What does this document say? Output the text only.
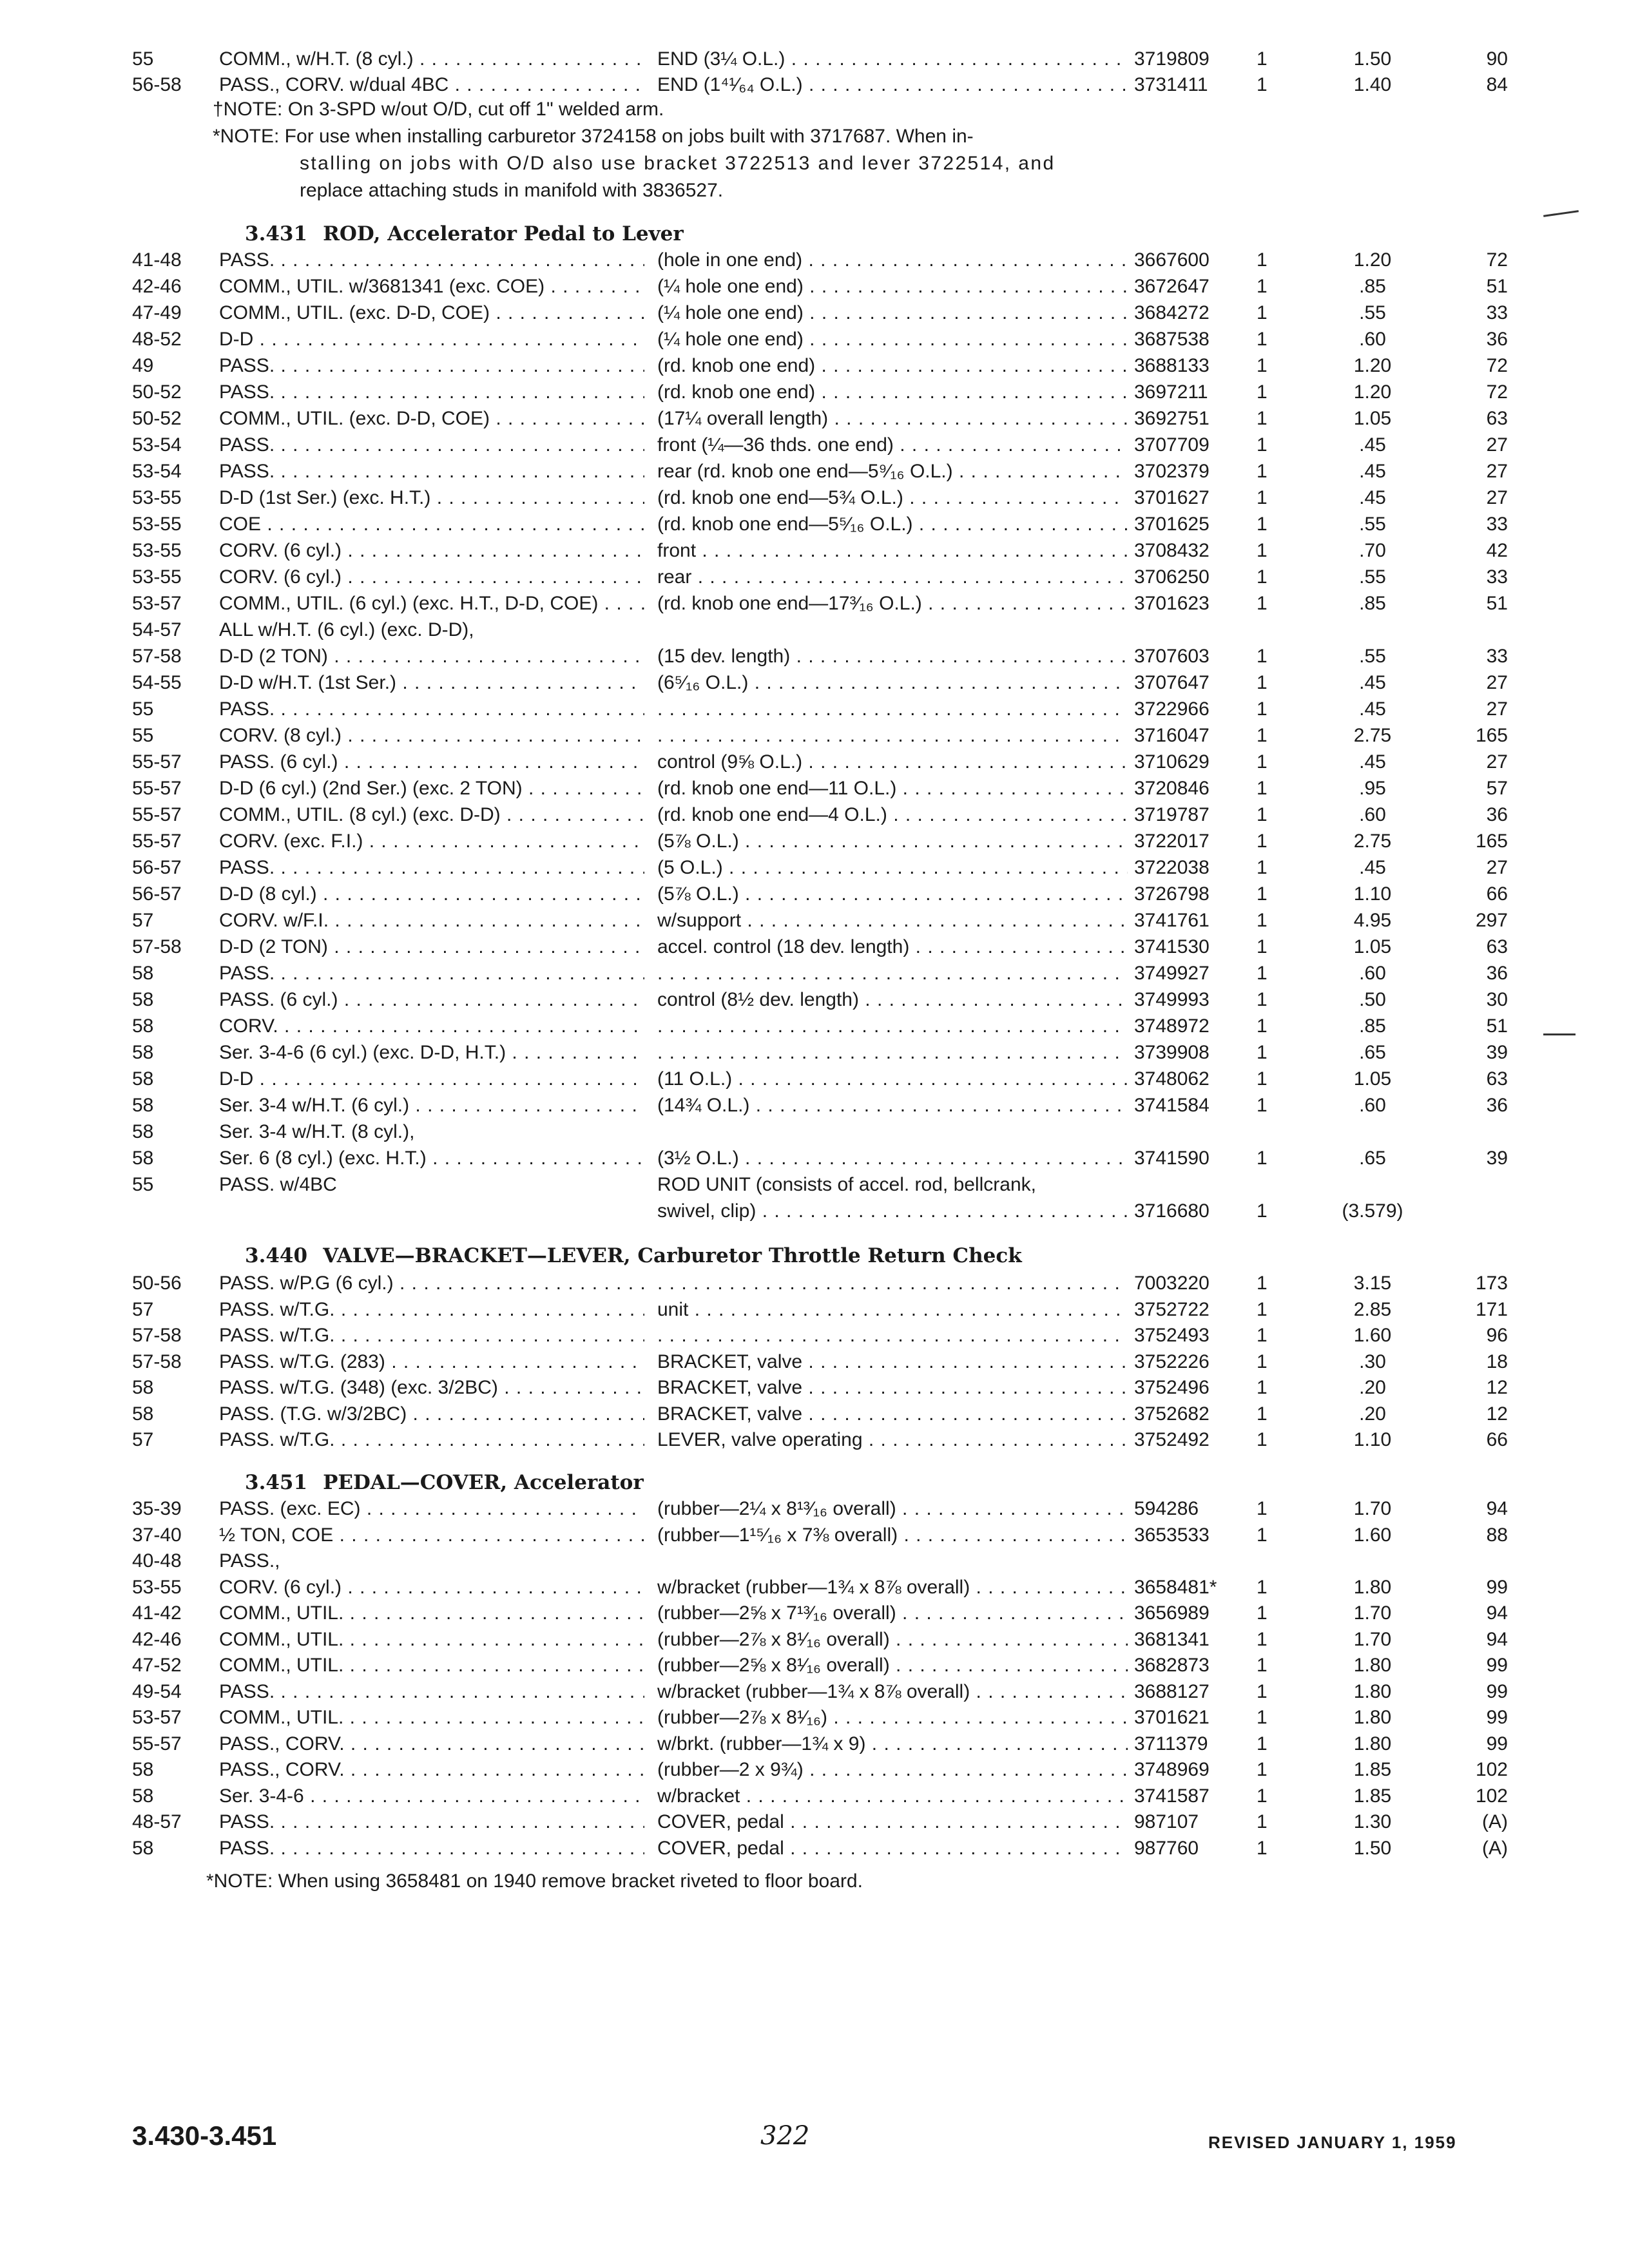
55	COMM., w/H.T. (8 cyl.) . . .	END (3¼ O.L.) . . .	3719809	1	1.50	90
56-58	PASS., CORV. w/dual 4BC . . .	END (1⁴¹⁄₆₄ O.L.) . . .	3731411	1	1.40	84
†NOTE: On 3-SPD w/out O/D, cut off 1" welded arm.
*NOTE: For use when installing carburetor 3724158 on jobs built with 3717687. When in-
stalling on jobs with O/D also use bracket 3722513 and lever 3722514, and
replace attaching studs in manifold with 3836527.
3.431 ROD, Accelerator Pedal to Lever
41-48	PASS. . . .	(hole in one end) . . .	3667600	1	1.20	72
42-46	COMM., UTIL. w/3681341 (exc. COE) . . .	(¼ hole one end) . . .	3672647	1	.85	51
47-49	COMM., UTIL. (exc. D-D, COE) . . .	(¼ hole one end) . . .	3684272	1	.55	33
48-52	D-D . . .	(¼ hole one end) . . .	3687538	1	.60	36
49	PASS. . . .	(rd. knob one end) . . .	3688133	1	1.20	72
50-52	PASS. . . .	(rd. knob one end) . . .	3697211	1	1.20	72
50-52	COMM., UTIL. (exc. D-D, COE) . . .	(17¼ overall length) . . .	3692751	1	1.05	63
53-54	PASS. . . .	front (¼—36 thds. one end) . . .	3707709	1	.45	27
53-54	PASS. . . .	rear (rd. knob one end—5⁹⁄₁₆ O.L.) . . .	3702379	1	.45	27
53-55	D-D (1st Ser.) (exc. H.T.) . . .	(rd. knob one end—5¾ O.L.) . . .	3701627	1	.45	27
53-55	COE . . .	(rd. knob one end—5⁵⁄₁₆ O.L.) . . .	3701625	1	.55	33
53-55	CORV. (6 cyl.) . . .	front . . .	3708432	1	.70	42
53-55	CORV. (6 cyl.) . . .	rear . . .	3706250	1	.55	33
53-57	COMM., UTIL. (6 cyl.) (exc. H.T., D-D, COE) . . .	(rd. knob one end—17³⁄₁₆ O.L.) . . .	3701623	1	.85	51
54-57	ALL w/H.T. (6 cyl.) (exc. D-D),
57-58	D-D (2 TON) . . .	(15 dev. length) . . .	3707603	1	.55	33
54-55	D-D w/H.T. (1st Ser.) . . .	(6⁵⁄₁₆ O.L.) . . .	3707647	1	.45	27
55	PASS. . . . . . .	3722966	1	.45	27
55	CORV. (8 cyl.) . . . . . .	3716047	1	2.75	165
55-57	PASS. (6 cyl.) . . .	control (9⅝ O.L.) . . .	3710629	1	.45	27
55-57	D-D (6 cyl.) (2nd Ser.) (exc. 2 TON) . . .	(rd. knob one end—11 O.L.) . . .	3720846	1	.95	57
55-57	COMM., UTIL. (8 cyl.) (exc. D-D) . . .	(rd. knob one end—4 O.L.) . . .	3719787	1	.60	36
55-57	CORV. (exc. F.I.) . . .	(5⅞ O.L.) . . .	3722017	1	2.75	165
56-57	PASS. . . .	(5 O.L.) . . .	3722038	1	.45	27
56-57	D-D (8 cyl.) . . .	(5⅞ O.L.) . . .	3726798	1	1.10	66
57	CORV. w/F.I. . . .	w/support . . .	3741761	1	4.95	297
57-58	D-D (2 TON) . . .	accel. control (18 dev. length) . . .	3741530	1	1.05	63
58	PASS. . . . . . .	3749927	1	.60	36
58	PASS. (6 cyl.) . . .	control (8½ dev. length) . . .	3749993	1	.50	30
58	CORV. . . . . . .	3748972	1	.85	51
58	Ser. 3-4-6 (6 cyl.) (exc. D-D, H.T.) . . . . . .	3739908	1	.65	39
58	D-D . . .	(11 O.L.) . . .	3748062	1	1.05	63
58	Ser. 3-4 w/H.T. (6 cyl.) . . .	(14¾ O.L.) . . .	3741584	1	.60	36
58	Ser. 3-4 w/H.T. (8 cyl.),
58	Ser. 6 (8 cyl.) (exc. H.T.) . . .	(3½ O.L.) . . .	3741590	1	.65	39
55	PASS. w/4BC	ROD UNIT (consists of accel. rod, bellcrank,
swivel, clip) . . .	3716680	1	(3.579)
3.440 VALVE—BRACKET—LEVER, Carburetor Throttle Return Check
50-56	PASS. w/P.G (6 cyl.) . . . . . .	7003220	1	3.15	173
57	PASS. w/T.G. . . .	unit . . .	3752722	1	2.85	171
57-58	PASS. w/T.G. . . . . . .	3752493	1	1.60	96
57-58	PASS. w/T.G. (283) . . .	BRACKET, valve . . .	3752226	1	.30	18
58	PASS. w/T.G. (348) (exc. 3/2BC) . . .	BRACKET, valve . . .	3752496	1	.20	12
58	PASS. (T.G. w/3/2BC) . . .	BRACKET, valve . . .	3752682	1	.20	12
57	PASS. w/T.G. . . .	LEVER, valve operating . . .	3752492	1	1.10	66
3.451 PEDAL—COVER, Accelerator
35-39	PASS. (exc. EC) . . .	(rubber—2¼ x 8¹³⁄₁₆ overall) . . .	594286	1	1.70	94
37-40	½ TON, COE . . .	(rubber—1¹⁵⁄₁₆ x 7⅜ overall) . . .	3653533	1	1.60	88
40-48	PASS.,
53-55	CORV. (6 cyl.) . . .	w/bracket (rubber—1¾ x 8⅞ overall) . . .	3658481*	1	1.80	99
41-42	COMM., UTIL. . . .	(rubber—2⅝ x 7¹³⁄₁₆ overall) . . .	3656989	1	1.70	94
42-46	COMM., UTIL. . . .	(rubber—2⅞ x 8¹⁄₁₆ overall) . . .	3681341	1	1.70	94
47-52	COMM., UTIL. . . .	(rubber—2⅝ x 8¹⁄₁₆ overall) . . .	3682873	1	1.80	99
49-54	PASS. . . .	w/bracket (rubber—1¾ x 8⅞ overall) . . .	3688127	1	1.80	99
53-57	COMM., UTIL. . . .	(rubber—2⅞ x 8¹⁄₁₆) . . .	3701621	1	1.80	99
55-57	PASS., CORV. . . .	w/brkt. (rubber—1¾ x 9) . . .	3711379	1	1.80	99
58	PASS., CORV. . . .	(rubber—2 x 9¾) . . .	3748969	1	1.85	102
58	Ser. 3-4-6 . . .	w/bracket . . .	3741587	1	1.85	102
48-57	PASS. . . .	COVER, pedal . . .	987107	1	1.30	(A)
58	PASS. . . .	COVER, pedal . . .	987760	1	1.50	(A)
*NOTE: When using 3658481 on 1940 remove bracket riveted to floor board.
3.430-3.451	322	REVISED JANUARY 1, 1959
